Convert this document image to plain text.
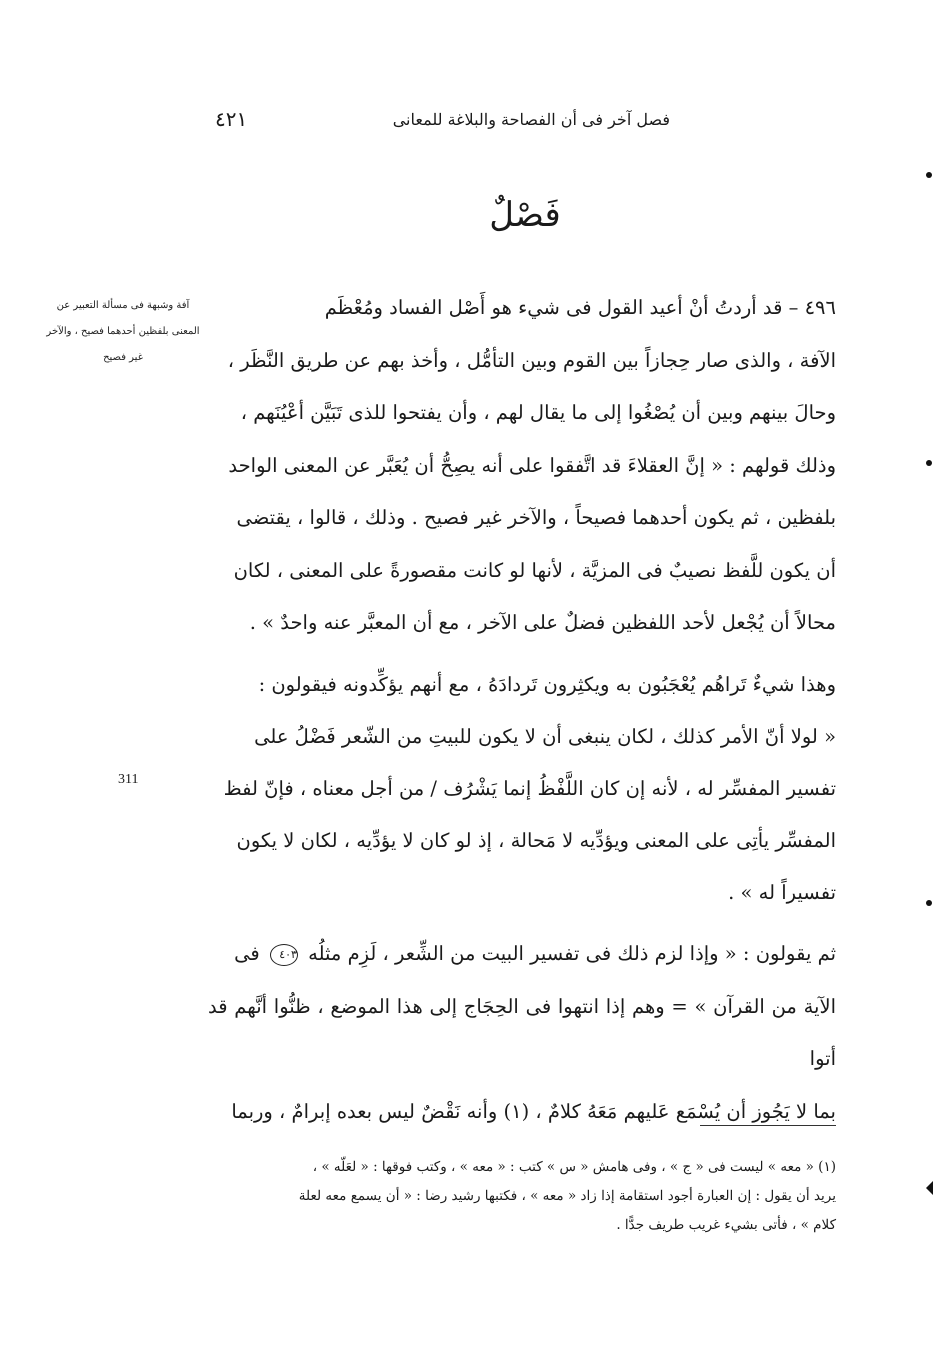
فصل آخر فى أن الفصاحة والبلاغة للمعانى
٤٢١
فَصْلٌ
آفة وشبهة فى مسألة التعبير عن المعنى بلفظين أحدهما فصيح ، والآخر غير فصيح
311

٤٩٦ – قد أردتُ أنْ أعيد القول فى شيء هو أَصْل الفساد ومُعْظَم

الآفة ، والذى صار حِجازاً بين القوم وبين التأمُّل ، وأخذ بهم عن طريق النَّظَر ،

وحالَ بينهم وبين أن يُصْغُوا إلى ما يقال لهم ، وأن يفتحوا للذى تَبَيَّن أعْيُنَهم ،

وذلك قولهم : « إنَّ العقلاءَ قد اتَّفقوا على أنه يصِحُّ أن يُعَبَّر عن المعنى الواحد

بلفظين ، ثم يكون أحدهما فصيحاً ، والآخر غير فصيح . وذلك ، قالوا ، يقتضى

أن يكون للَّفظ نصيبٌ فى المزيَّة ، لأنها لو كانت مقصورةً على المعنى ، لكان

محالاً أن يُجْعل لأحد اللفظين فضلٌ على الآخر ، مع أن المعبَّر عنه واحدٌ » .

وهذا شيءٌ تَراهُم يُعْجَبُون به ويكثِرون تَردادَهُ ، مع أنهم يؤكِّدونه فيقولون :

« لولا أنّ الأمر كذلك ، لكان ينبغى أن لا يكون للبيتِ من الشّعر فَضْلُ على

تفسير المفسِّر له ، لأنه إن كان اللَّفْظُ إنما يَشْرُف / من أجل معناه ، فإنّ لفظ

المفسِّر يأتِى على المعنى ويؤدِّيه لا مَحالة ، إذ لو كان لا يؤدِّيه ، لكان لا يكون

تفسيراً له » .

ثم يقولون : « وإذا لزم ذلك فى تفسير البيت من الشِّعر ، لَزِم مثلُه ٤٠٣ فى

الآية من القرآن » = وهم إذا انتهوا فى الحِجَاج إلى هذا الموضع ، ظنُّوا أنَّهم قد أتوا

بما لا يَجُوز أن يُسْمَع عَليهم مَعَهُ كلامٌ ، (١) وأنه نَقْضٌ ليس بعده إبرامٌ ، وربما

(١) « معه » ليست فى « ج » ، وفى هامش « س » كتب : « معه » ، وكتب فوقها : « لعَلّه » ،

يريد أن يقول : إن العبارة أجود استقامة إذا زاد « معه » ، فكتبها رشيد رضا : « أن يسمع معه لعلة

كلام » ، فأتى بشيء غريب طريف جدًّا .
